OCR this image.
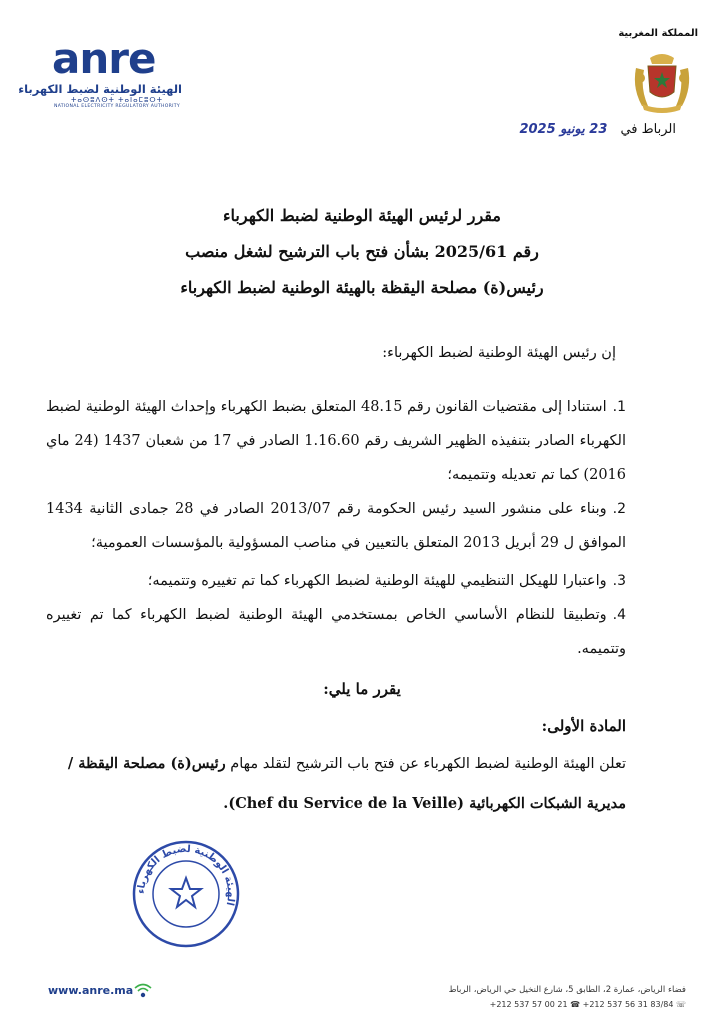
anre
الهيئة الوطنية لضبط الكهرباء
ⵜⴰⵙⵓⴷⵙⵜ ⵜⴰⵏⴰⵎⵓⵔⵜ
NATIONAL ELECTRICITY REGULATORY AUTHORITY
المملكة المغربية
الرباط في 23 يونيو 2025
مقرر لرئيس الهيئة الوطنية لضبط الكهرباء
رقم 2025/61 بشأن فتح باب الترشيح لشغل منصب
رئيس(ة) مصلحة اليقظة بالهيئة الوطنية لضبط الكهرباء
إن رئيس الهيئة الوطنية لضبط الكهرباء:
1.استنادا إلى مقتضيات القانون رقم 48.15 المتعلق بضبط الكهرباء وإحداث الهيئة الوطنية لضبط الكهرباء الصادر بتنفيذه الظهير الشريف رقم 1.16.60 الصادر في 17 من شعبان 1437 (24 ماي 2016) كما تم تعديله وتتميمه؛
2.وبناء على منشور السيد رئيس الحكومة رقم 2013/07 الصادر في 28 جمادى الثانية 1434 الموافق ل 29 أبريل 2013 المتعلق بالتعيين في مناصب المسؤولية بالمؤسسات العمومية؛
3.واعتبارا للهيكل التنظيمي للهيئة الوطنية لضبط الكهرباء كما تم تغييره وتتميمه؛
4.وتطبيقا للنظام الأساسي الخاص بمستخدمي الهيئة الوطنية لضبط الكهرباء كما تم تغييره وتتميمه.
يقرر ما يلي:
المادة الأولى:
تعلن الهيئة الوطنية لضبط الكهرباء عن فتح باب الترشيح لتقلد مهام رئيس(ة) مصلحة اليقظة /مديرية الشبكات الكهربائية (Chef du Service de la Veille).
الهيئة الوطنية لضبط الكهرباء
www.anre.ma	فضاء الرياض، عمارة 2، الطابق 5، شارع النخيل حي الرياض، الرباط
+212 537 57 00 21 ☎ +212 537 56 31 83/84 ☏
